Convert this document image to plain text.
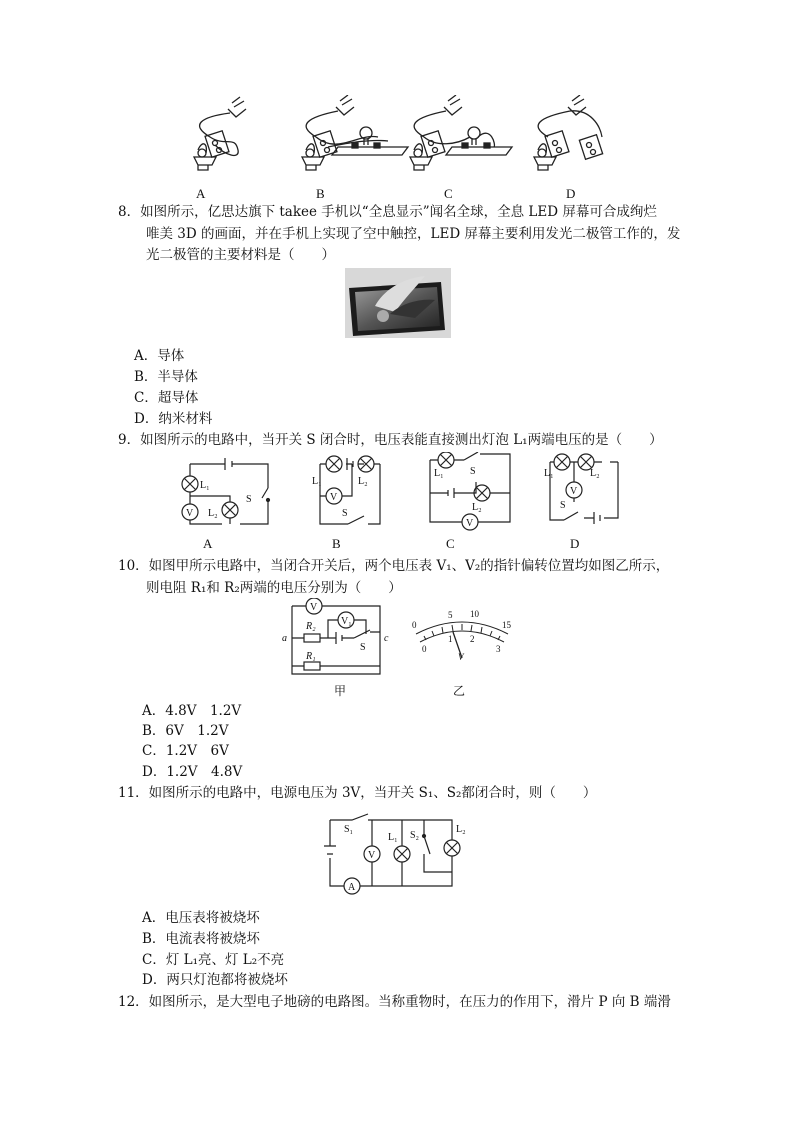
A	B	C	D
8．如图所示，亿思达旗下 takee 手机以“全息显示”闻名全球，全息 LED 屏幕可合成绚烂
唯美 3D 的画面，并在手机上实现了空中触控，LED 屏幕主要利用发光二极管工作的，发
光二极管的主要材料是（　　）
A．导体
B．半导体
C．超导体
D．纳米材料
9．如图所示的电路中，当开关 S 闭合时，电压表能直接测出灯泡 L₁两端电压的是（　　）
L₁
L₂
S
V
L₁	L₂
V
S
L₁	S
L₂
V
L₁	L₂
V
S
A	B	C	D
10．如图甲所示电路中，当闭合开关后，两个电压表 V₁、V₂的指针偏转位置均如图乙所示，
则电阻 R₁和 R₂两端的电压分别为（　　）
V
V₁
R₂
R₁
a	c
S
0
5 10
15
0
1 2
3
V
甲	乙
A．4.8V　1.2V
B．6V　1.2V
C．1.2V　6V
D．1.2V　4.8V
11．如图所示的电路中，电源电压为 3V，当开关 S₁、S₂都闭合时，则（　　）
S₁
L₁ S₂
L₂
V
A
A．电压表将被烧坏
B．电流表将被烧坏
C．灯 L₁亮、灯 L₂不亮
D．两只灯泡都将被烧坏
12．如图所示，是大型电子地磅的电路图。当称重物时，在压力的作用下，滑片 P 向 B 端滑
